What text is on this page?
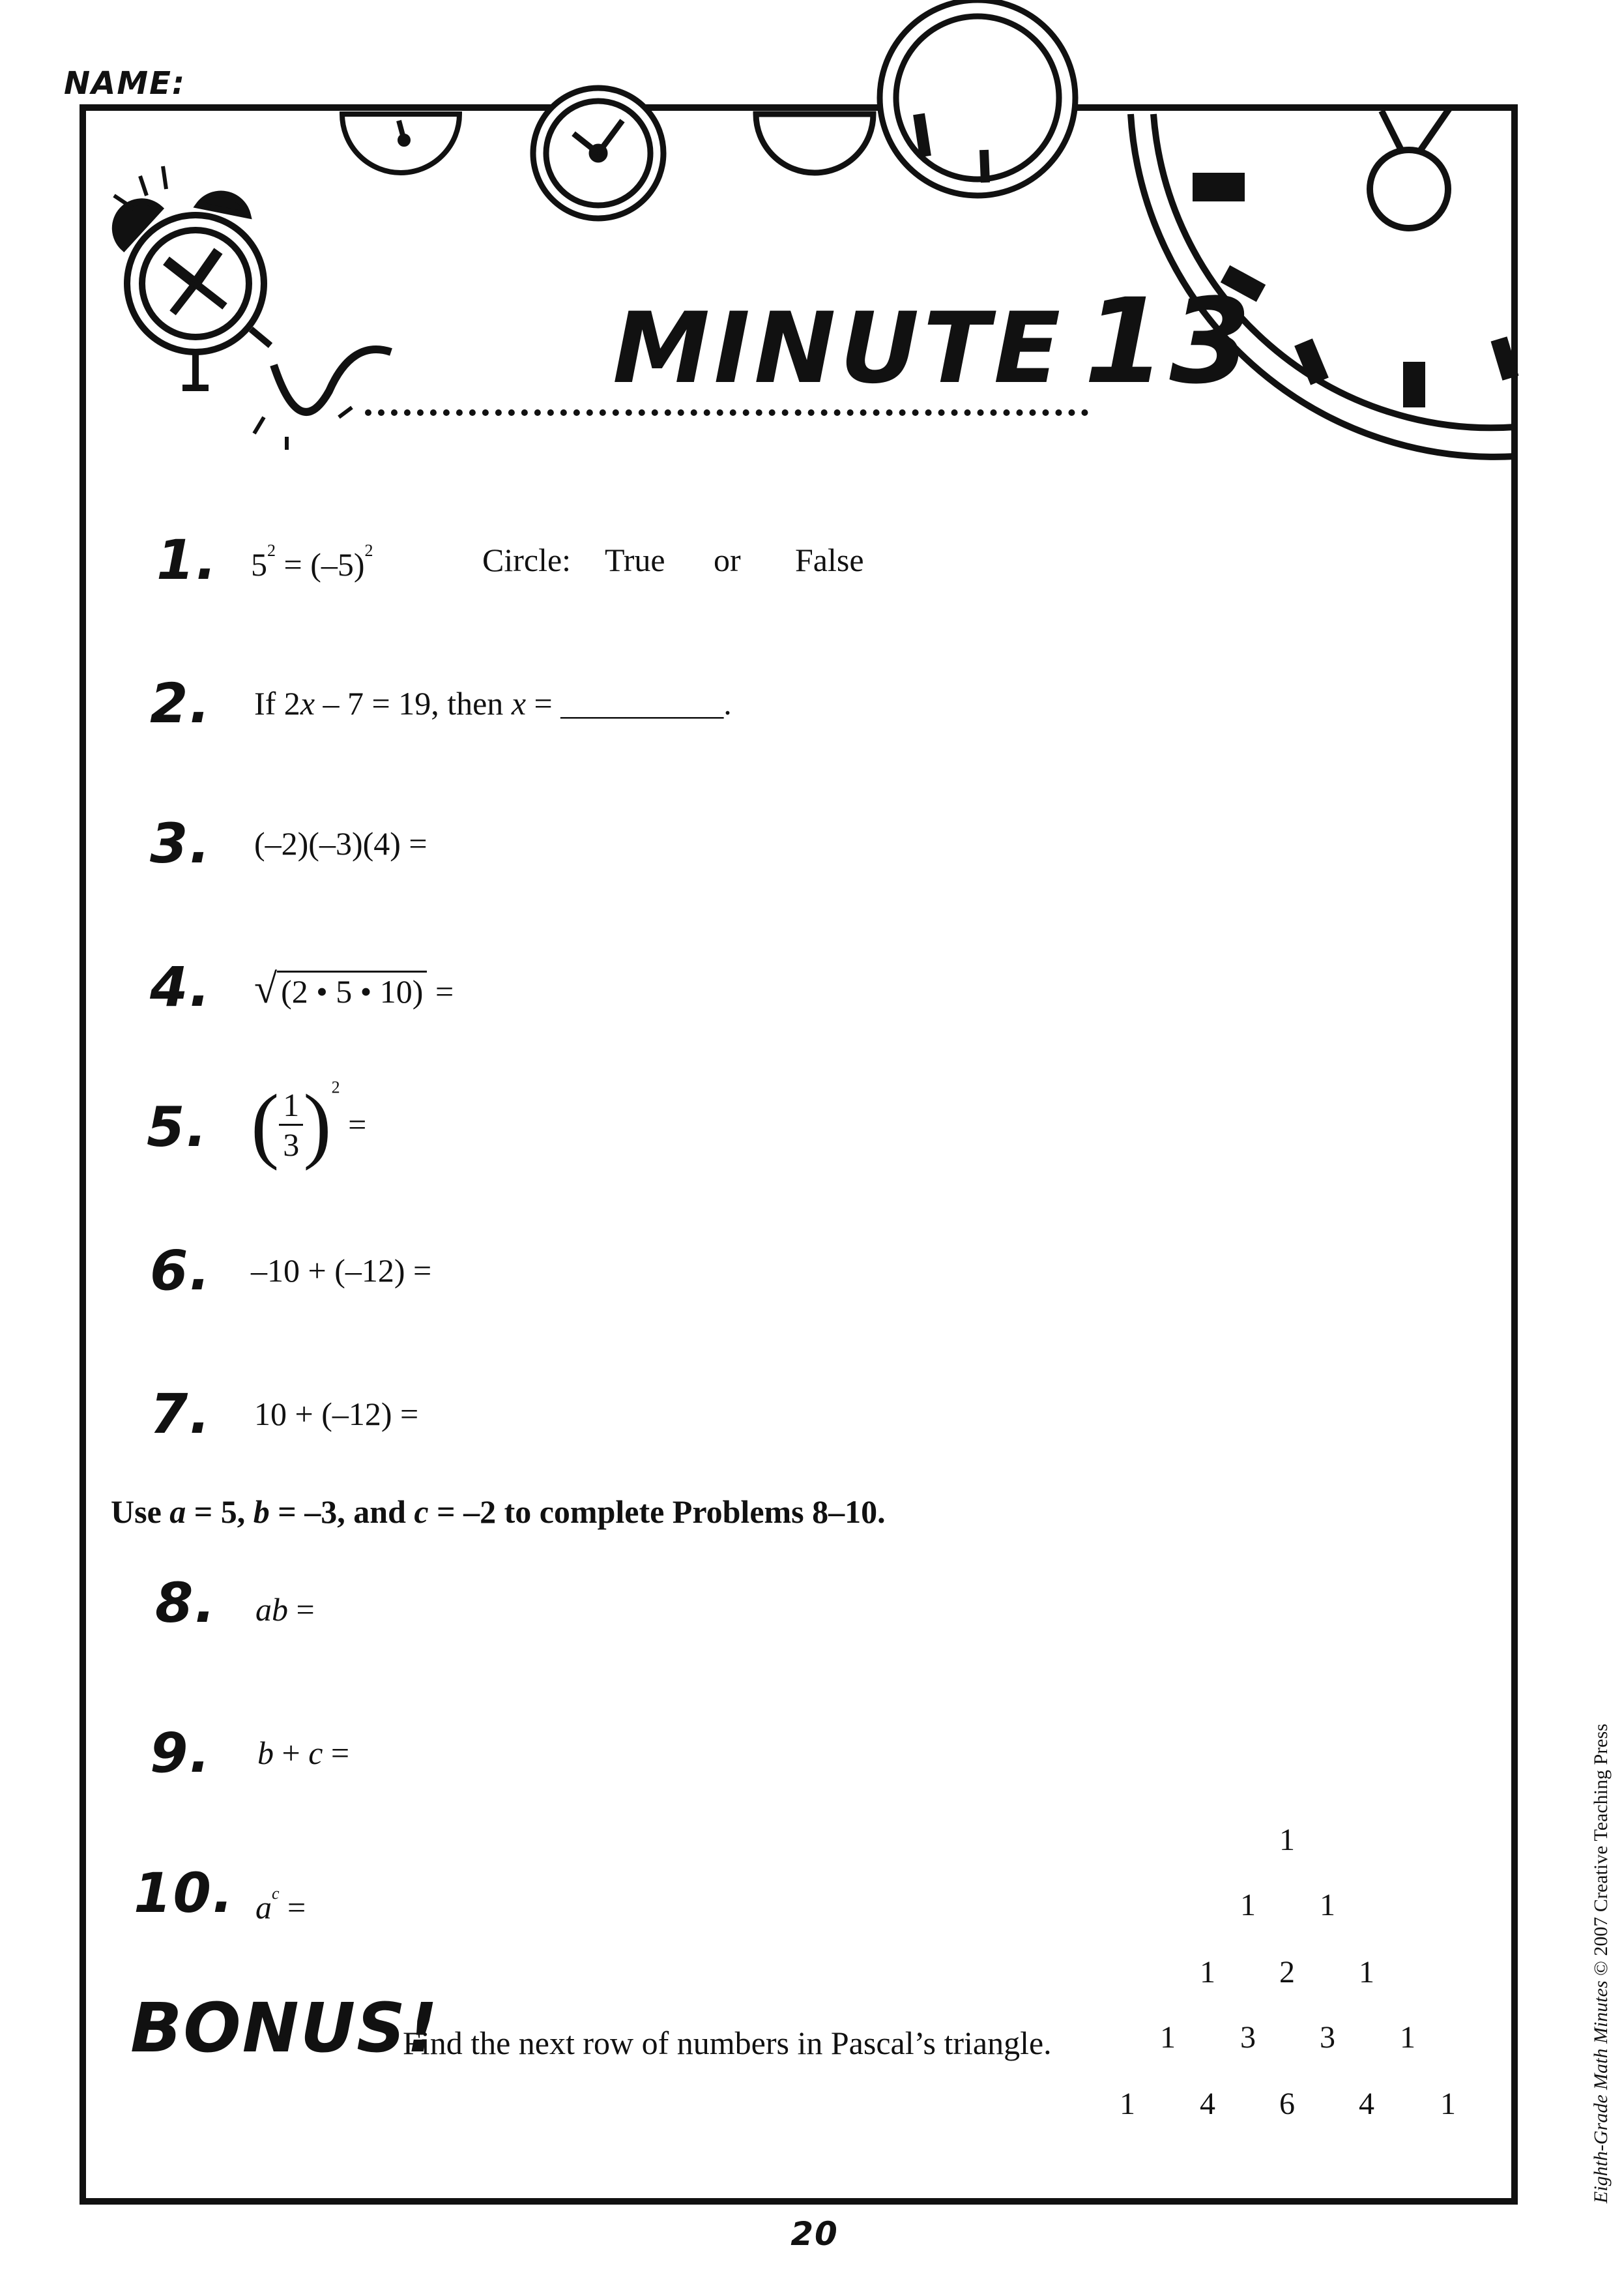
NAME:
MINUTE 13
1.	$5^2 = (-5)^2$	Circle: True or False
2.	If 2x – 7 = 19, then x = __________.
3.	(–2)(–3)(4) =
4.	√ (2 • 5 • 10) =
5. ( $\frac{1}{3} )^2$ =
6.	–10 + (–12) =
7.	10 + (–12) =
Use a = 5, b = –3, and c = –2 to complete Problems 8–10.
8.	ab =
9.	b + c =
10. $a^c$ =
BONUS!
Find the next row of numbers in Pascal’s triangle.
1
1	1
1	2	1
1	3	3	1
1	4	6	4	1
20
Eighth-Grade Math Minutes © 2007 Creative Teaching Press
